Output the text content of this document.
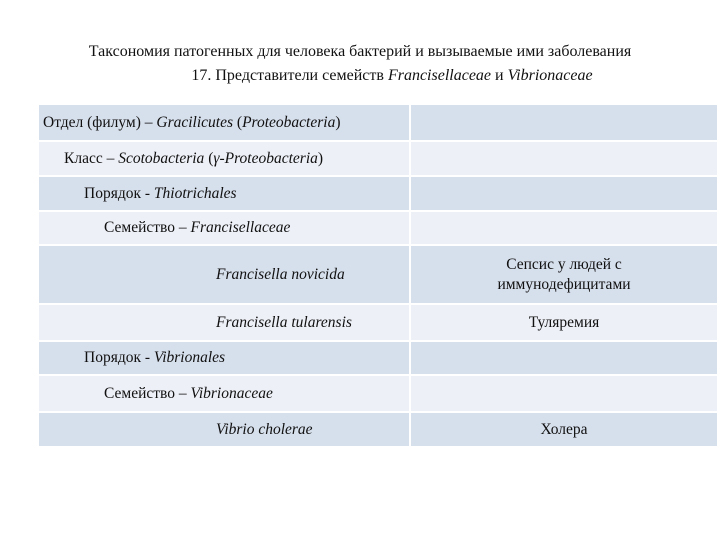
Таксономия патогенных для человека бактерий и вызываемые ими заболевания
17. Представители семейств Francisellaceae и Vibrionaceae
Отдел (филум) – Gracilicutes (Proteobacteria)	
Класс – Scotobacteria (γ-Proteobacteria)	
Порядок - Thiotrichales	
Семейство – Francisellaceae	
Francisella novicida	Сепсис у людей с
иммунодефицитами
Francisella tularensis	Туляремия
Порядок - Vibrionales	
Семейство – Vibrionaceae	
Vibrio cholerae	Холера
